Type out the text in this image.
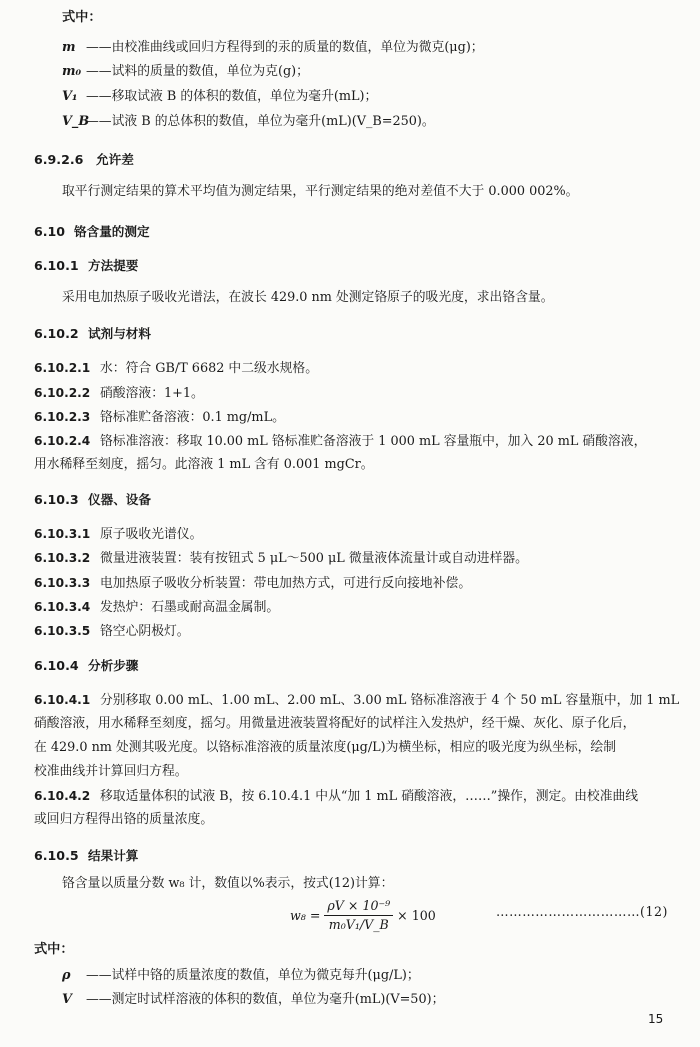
式中：
m ——由校准曲线或回归方程得到的汞的质量的数值，单位为微克(μg)；
m₀ ——试料的质量的数值，单位为克(g)；
V₁ ——移取试液 B 的体积的数值，单位为毫升(mL)；
V_B——试液 B 的总体积的数值，单位为毫升(mL)(V_B=250)。
6.9.2.6 允许差
取平行测定结果的算术平均值为测定结果，平行测定结果的绝对差值不大于 0.000 002%。
6.10 铬含量的测定
6.10.1 方法提要
采用电加热原子吸收光谱法，在波长 429.0 nm 处测定铬原子的吸光度，求出铬含量。
6.10.2 试剂与材料
6.10.2.1 水：符合 GB/T 6682 中二级水规格。
6.10.2.2 硝酸溶液：1+1。
6.10.2.3 铬标准贮备溶液：0.1 mg/mL。
6.10.2.4 铬标准溶液：移取 10.00 mL 铬标准贮备溶液于 1 000 mL 容量瓶中，加入 20 mL 硝酸溶液，
用水稀释至刻度，摇匀。此溶液 1 mL 含有 0.001 mgCr。
6.10.3 仪器、设备
6.10.3.1 原子吸收光谱仪。
6.10.3.2 微量进液装置：装有按钮式 5 μL～500 μL 微量液体流量计或自动进样器。
6.10.3.3 电加热原子吸收分析装置：带电加热方式，可进行反向接地补偿。
6.10.3.4 发热炉：石墨或耐高温金属制。
6.10.3.5 铬空心阴极灯。
6.10.4 分析步骤
6.10.4.1 分别移取 0.00 mL、1.00 mL、2.00 mL、3.00 mL 铬标准溶液于 4 个 50 mL 容量瓶中，加 1 mL
硝酸溶液，用水稀释至刻度，摇匀。用微量进液装置将配好的试样注入发热炉，经干燥、灰化、原子化后，
在 429.0 nm 处测其吸光度。以铬标准溶液的质量浓度(μg/L)为横坐标，相应的吸光度为纵坐标，绘制
校准曲线并计算回归方程。
6.10.4.2 移取适量体积的试液 B，按 6.10.4.1 中从“加 1 mL 硝酸溶液，……”操作，测定。由校准曲线
或回归方程得出铬的质量浓度。
6.10.5 结果计算
铬含量以质量分数 w₈ 计，数值以%表示，按式(12)计算：
$w_8 = \frac{\text{ρV × 10⁻⁹}}{\text{m₀V₁/V\_B}} \times 100$	……………………………(12)
式中：
ρ ——试样中铬的质量浓度的数值，单位为微克每升(μg/L)；
V ——测定时试样溶液的体积的数值，单位为毫升(mL)(V=50)；
15
